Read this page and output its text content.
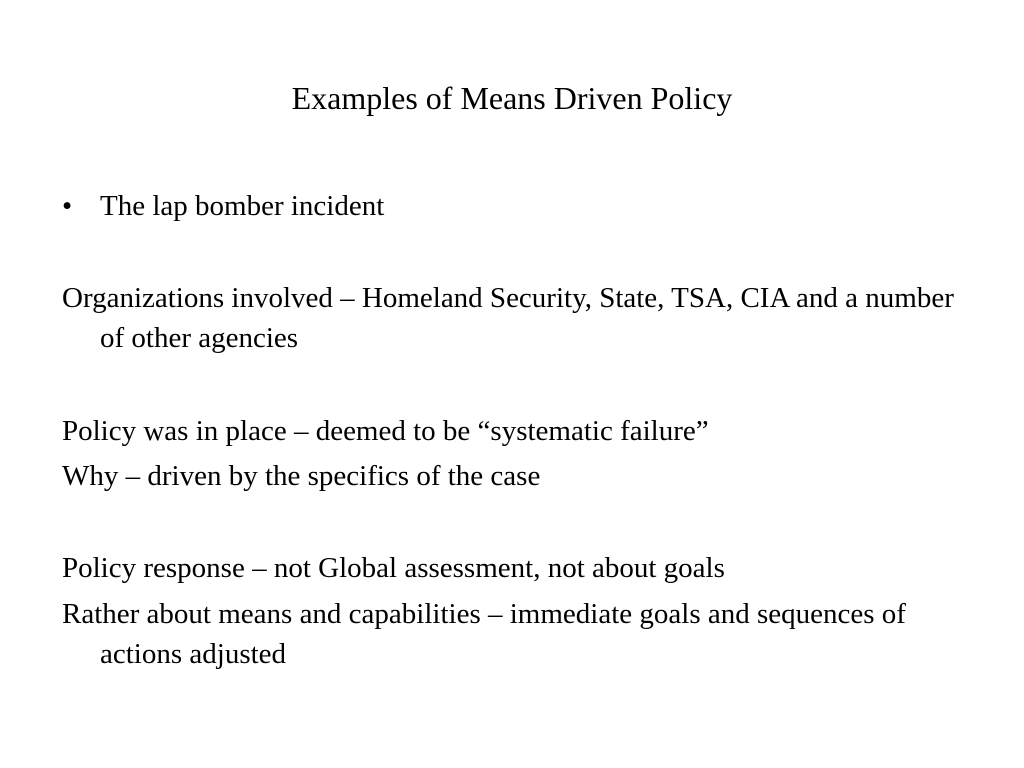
Examples of Means Driven Policy
• The lap bomber incident
Organizations involved – Homeland Security, State, TSA, CIA and a number of other agencies
Policy was in place – deemed to be “systematic failure”
Why – driven by the specifics of the case
Policy response – not Global assessment, not about goals
Rather about means and capabilities – immediate goals and sequences of actions adjusted
